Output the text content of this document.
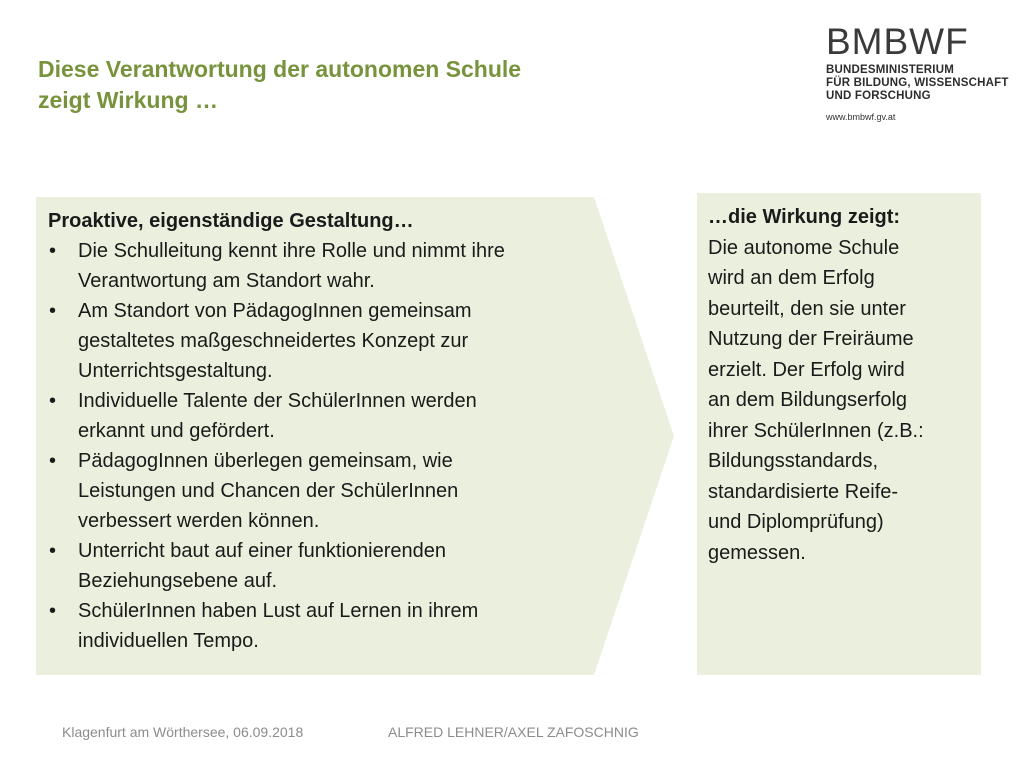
Diese Verantwortung der autonomen Schule
zeigt Wirkung …
BMBWF
BUNDESMINISTERIUM
FÜR BILDUNG, WISSENSCHAFT
UND FORSCHUNG
www.bmbwf.gv.at

Proaktive, eigenständige Gestaltung…

• Die Schulleitung kennt ihre Rolle und nimmt ihre
Verantwortung am Standort wahr.
• Am Standort von PädagogInnen gemeinsam
gestaltetes maßgeschneidertes Konzept zur
Unterrichtsgestaltung.
• Individuelle Talente der SchülerInnen werden
erkannt und gefördert.
• PädagogInnen überlegen gemeinsam, wie
Leistungen und Chancen der SchülerInnen
verbessert werden können.
• Unterricht baut auf einer funktionierenden
Beziehungsebene auf.
• SchülerInnen haben Lust auf Lernen in ihrem
individuellen Tempo.
…die Wirkung zeigt:
Die autonome Schule
wird an dem Erfolg
beurteilt, den sie unter
Nutzung der Freiräume
erzielt. Der Erfolg wird
an dem Bildungserfolg
ihrer SchülerInnen (z.B.:
Bildungsstandards,
standardisierte Reife-
und Diplomprüfung)
gemessen.
Klagenfurt am Wörthersee, 06.09.2018	ALFRED LEHNER/AXEL ZAFOSCHNIG
